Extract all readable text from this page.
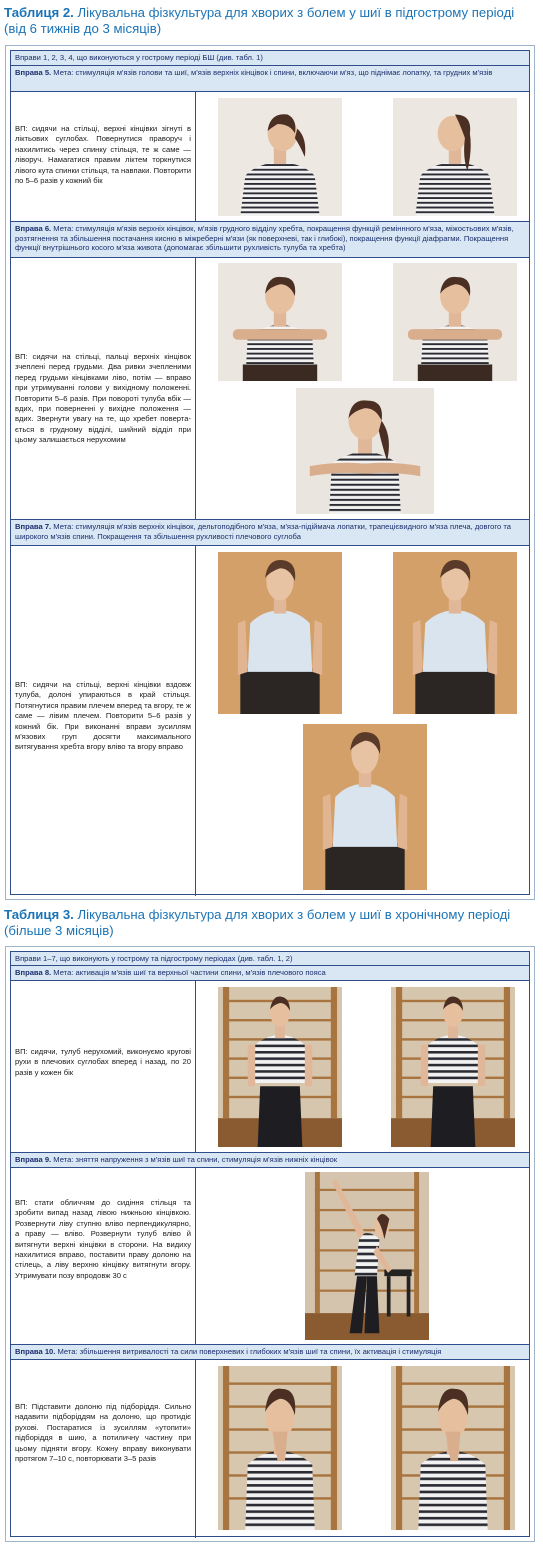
Таблиця 2. Лікувальна фізкультура для хворих з болем у шиї в підгострому періоді (від 6 тижнів до 3 місяців)
Вправи 1, 2, 3, 4, що виконуються у гострому періоді БШ (див. табл. 1)
Вправа 5. Мета: стимуляція м'язів голови та шиї, м'язів верхніх кінцівок і спини, включаючи м'яз, що піднімає лопатку, та грудних м'язів
ВП: сидячи на стільці, верхні кінцівки зігнуті в ліктьових суглобах. Повернутися праворуч і нахилитись через спинку стільця, те ж саме — ліворуч. Намагатися правим ліктем торкнутися лівого кута спинки стільця, та навпаки. Повторити по 5–6 разів у кожний бік
Вправа 6. Мета: стимуляція м'язів верхніх кінцівок, м'язів грудного відділу хребта, покращення функцій реміннного м'яза, міжостьових м'язів, розтягнення та збільшення постачання кисню в міжреберні м'язи (як поверхневі, так і глибокі), покращення функції діафрагми. Покращення функції внутрішнього косого м'яза живота (допомагає збільшити рухливість тулуба та хребта)
ВП: сидячи на стільці, пальці верхніх кінцівок зчеплені перед грудьми. Два ривки зчепленими перед грудьми кінцівками ліво, потім — вправо при утримуванні голови у вихідному положенні. Повторити 5–6 разів. При повороті тулуба вбік — вдих, при поверненні у вихідне положення — вдих. Звернути увагу на те, що хребет повертається в грудному відділі, шийний відділ при цьому залишається нерухомим
Вправа 7. Мета: стимуляція м'язів верхніх кінцівок, дельтоподібного м'яза, м'яза-підіймача лопатки, трапецієвидного м'яза плеча, довгого та широкого м'язів спини. Покращення та збільшення рухливості плечового суглоба
ВП: сидячи на стільці, верхні кінцівки вздовж тулуба, долоні упираються в край стільця. Потягнутися правим плечем вперед та вгору, те ж саме — лівим плечем. Повторити 5–6 разів у кожний бік. При виконанні вправи зусиллям м'язових груп досягти максимального витягування хребта вгору вліво та вгору вправо
Таблиця 3. Лікувальна фізкультура для хворих з болем у шиї в хронічному періоді (більше 3 місяців)
Вправи 1–7, що виконують у гострому та підгострому періодах (див. табл. 1, 2)
Вправа 8. Мета: активація м'язів шиї та верхньої частини спини, м'язів плечового пояса
ВП: сидячи, тулуб нерухомий, виконуємо кругові рухи в плечових суглобах вперед і назад, по 20 разів у кожен бік
Вправа 9. Мета: зняття напруження з м'язів шиї та спини, стимуляція м'язів нижніх кінцівок
ВП: стати обличчям до сидіння стільця та зробити випад назад лівою нижньою кінцівкою. Розвернути ліву ступню вліво перпендикулярно, а праву — вліво. Розвернути тулуб вліво й витягнути верхні кінцівки в сторони. На видиху нахилитися вправо, поставити праву долоню на стілець, а ліву верхню кінцівку витягнути вгору. Утримувати позу впродовж 30 с
Вправа 10. Мета: збільшення витривалості та сили поверхневих і глибоких м'язів шиї та спини, їх активація і стимуляція
ВП: Підставити долоню під підборіддя. Сильно надавити підборіддям на долоню, що протидіє рухові. Постаратися із зусиллям «утопити» підборіддя в шию, а потиличну частину при цьому підняти вгору. Кожну вправу виконувати протягом 7–10 с, повторювати 3–5 разів
